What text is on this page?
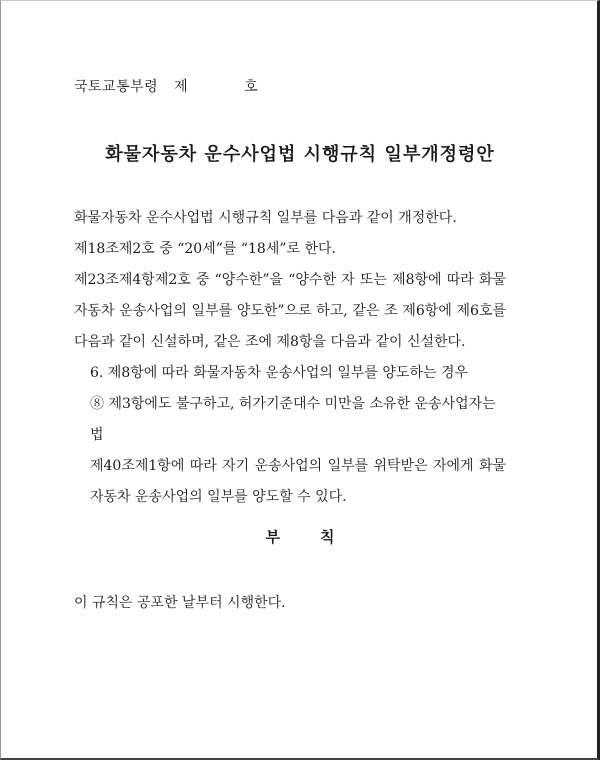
국토교통부령 제	호
화물자동차 운수사업법 시행규칙 일부개정령안

화물자동차 운수사업법 시행규칙 일부를 다음과 같이 개정한다.

제18조제2호 중 “20세”를 “18세”로 한다.

제23조제4항제2호 중 “양수한”을 “양수한 자 또는 제8항에 따라 화물자동차 운송사업의 일부를 양도한”으로 하고, 같은 조 제6항에 제6호를 다음과 같이 신설하며, 같은 조에 제8항을 다음과 같이 신설한다.

6. 제8항에 따라 화물자동차 운송사업의 일부를 양도하는 경우

⑧ 제3항에도 불구하고, 허가기준대수 미만을 소유한 운송사업자는 법

제40조제1항에 따라 자기 운송사업의 일부를 위탁받은 자에게 화물자동차 운송사업의 일부를 양도할 수 있다.

부	칙
이 규칙은 공포한 날부터 시행한다.
